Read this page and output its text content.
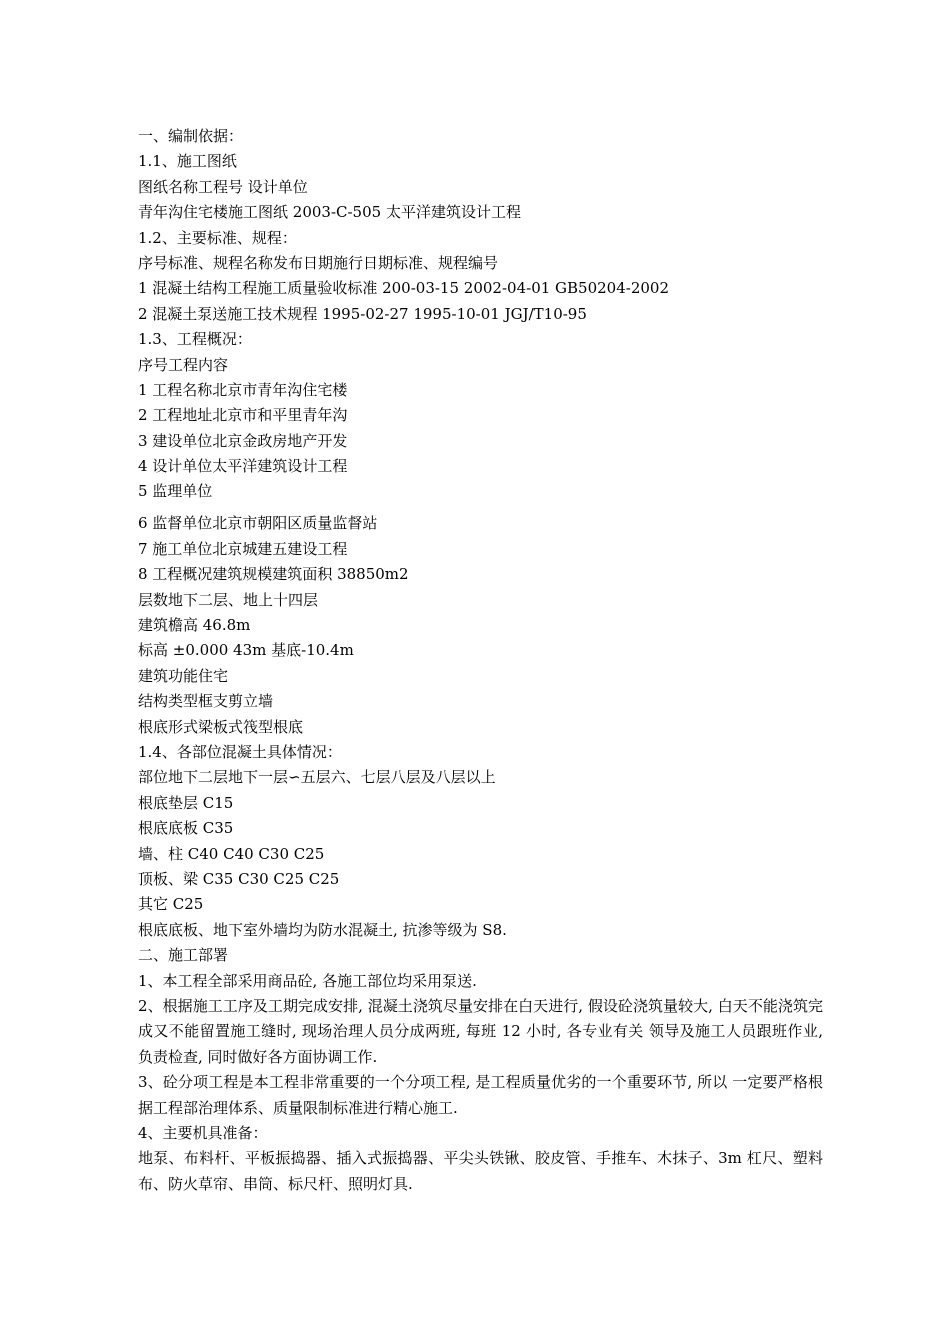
一、编制依据：
1.1、施工图纸
图纸名称工程号 设计单位
青年沟住宅楼施工图纸 2003-C-505 太平洋建筑设计工程
1.2、主要标准、规程：
序号标准、规程名称发布日期施行日期标准、规程编号
1 混凝土结构工程施工质量验收标准 200-03-15 2002-04-01 GB50204-2002
2 混凝土泵送施工技术规程 1995-02-27 1995-10-01 JGJ/T10-95
1.3、工程概况：
序号工程内容
1 工程名称北京市青年沟住宅楼
2 工程地址北京市和平里青年沟
3 建设单位北京金政房地产开发
4 设计单位太平洋建筑设计工程
5 监理单位
6 监督单位北京市朝阳区质量监督站
7 施工单位北京城建五建设工程
8 工程概况建筑规模建筑面积 38850m2
层数地下二层、地上十四层
建筑檐高 46.8m
标高 ±0.000 43m 基底-10.4m
建筑功能住宅
结构类型框支剪立墙
根底形式梁板式筏型根底
1.4、各部位混凝土具体情况：
部位地下二层地下一层∽五层六、七层八层及八层以上
根底垫层 C15
根底底板 C35
墙、柱 C40 C40 C30 C25
顶板、梁 C35 C30 C25 C25
其它 C25
根底底板、地下室外墙均为防水混凝土, 抗渗等级为 S8.
二、施工部署
1、本工程全部采用商品砼, 各施工部位均采用泵送.
2、根据施工工序及工期完成安排, 混凝土浇筑尽量安排在白天进行, 假设砼浇筑量较大, 白天不能浇筑完成又不能留置施工缝时, 现场治理人员分成两班, 每班 12 小时, 各专业有关 领导及施工人员跟班作业, 负责检查, 同时做好各方面协调工作.
3、砼分项工程是本工程非常重要的一个分项工程, 是工程质量优劣的一个重要环节, 所以 一定要严格根据工程部治理体系、质量限制标准进行精心施工.
4、主要机具准备：
地泵、布料杆、平板振捣器、插入式振捣器、平尖头铁锹、胶皮管、手推车、木抹子、3m 杠尺、塑料布、防火草帘、串筒、标尺杆、照明灯具.
